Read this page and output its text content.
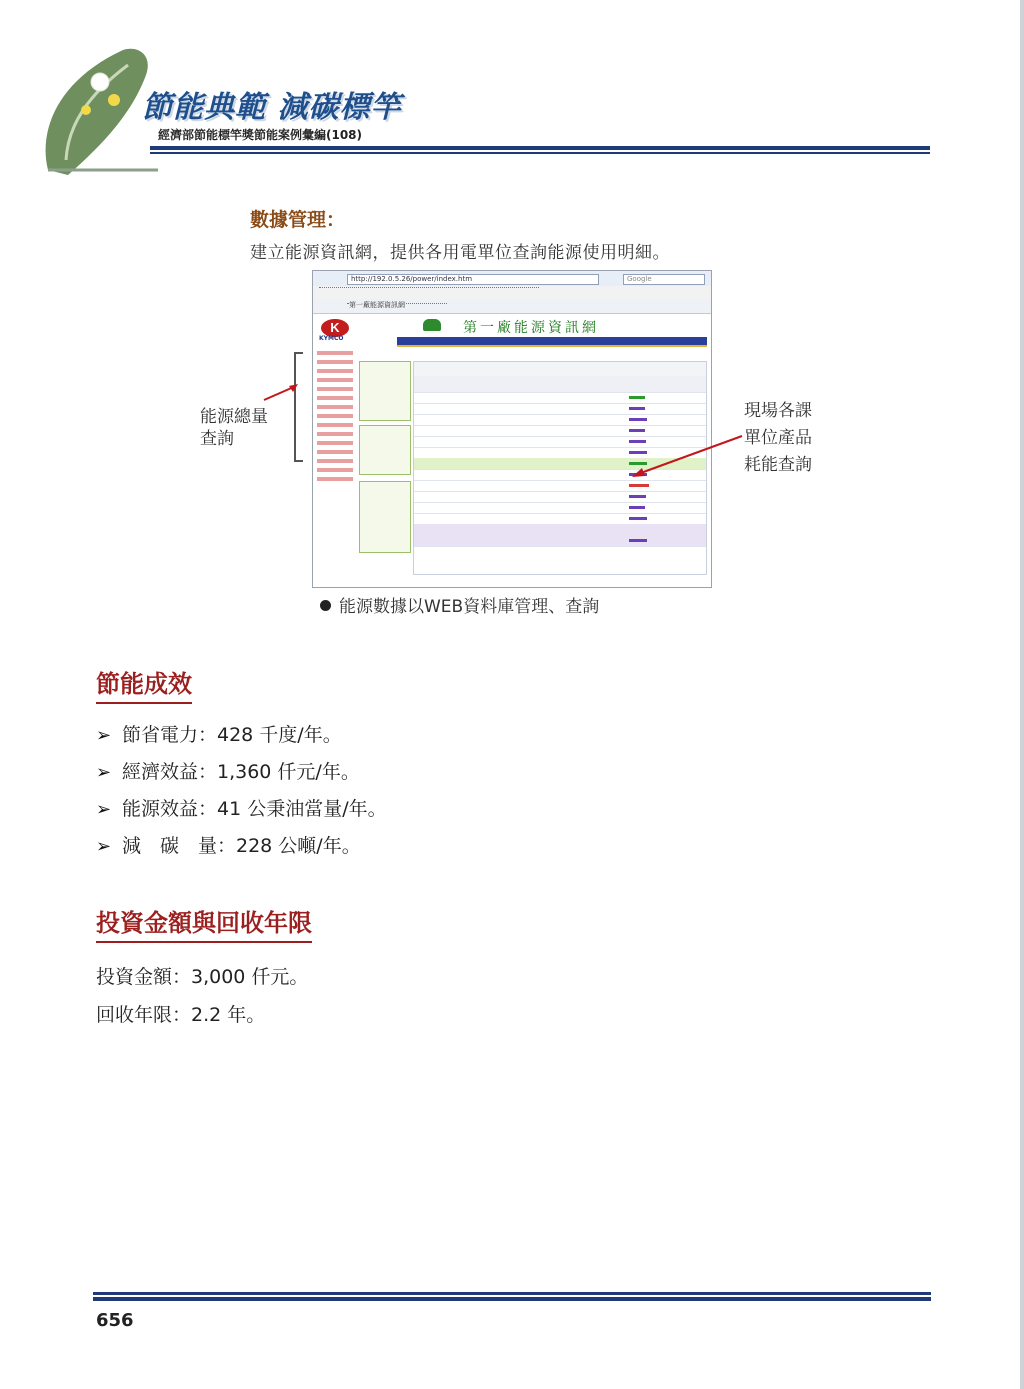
節能典範 減碳標竿
經濟部節能標竿獎節能案例彙編(108)
數據管理：
建立能源資訊網，提供各用電單位查詢能源使用明細。
http://192.0.5.26/power/index.htm	Google
第一廠能源資訊網
K
KYMCO
第一廠能源資訊網
能源總量
查詢
現場各課
單位產品
耗能查詢
能源數據以WEB資料庫管理、查詢
節能成效
➢ 節省電力：428 千度/年。
➢ 經濟效益：1,360 仟元/年。
➢ 能源效益：41 公秉油當量/年。
➢ 減　碳　量：228 公噸/年。
投資金額與回收年限
投資金額：3,000 仟元。
回收年限：2.2 年。
656
